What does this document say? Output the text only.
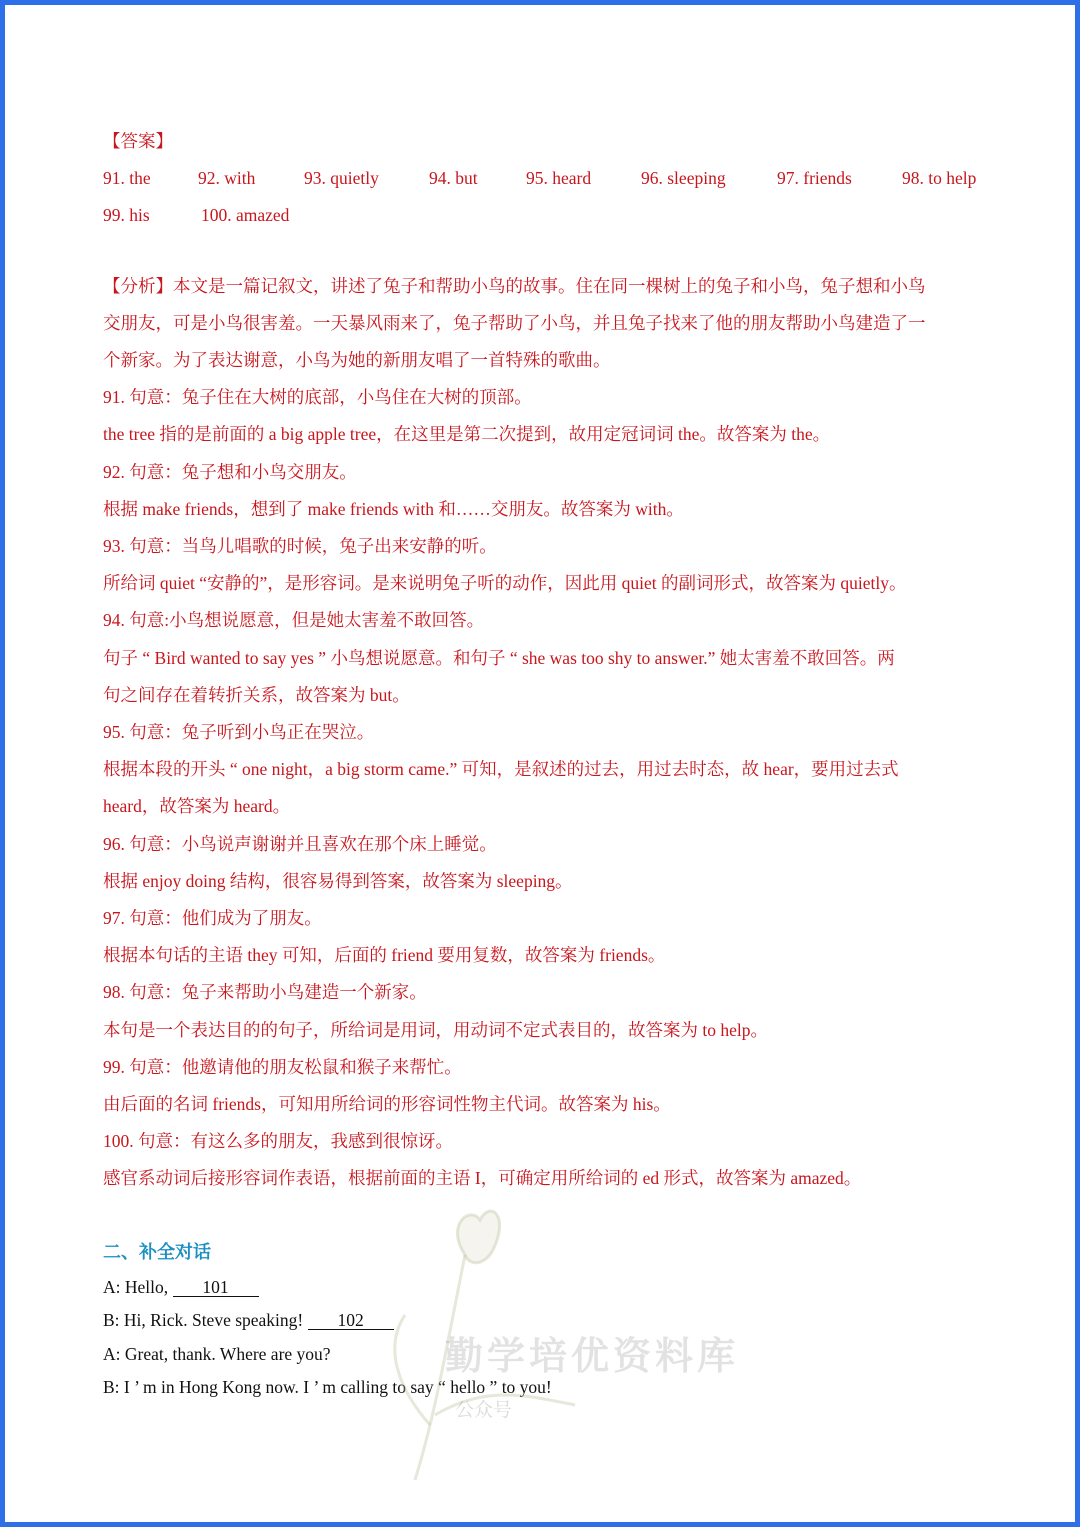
【答案】
91. the	92. with	93. quietly	94. but	95. heard	96. sleeping	97. friends	98. to help
99. his	100. amazed
【分析】本文是一篇记叙文，讲述了兔子和帮助小鸟的故事。住在同一棵树上的兔子和小鸟，兔子想和小鸟
交朋友，可是小鸟很害羞。一天暴风雨来了，兔子帮助了小鸟，并且兔子找来了他的朋友帮助小鸟建造了一
个新家。为了表达谢意，小鸟为她的新朋友唱了一首特殊的歌曲。
91. 句意：兔子住在大树的底部，小鸟住在大树的顶部。
the tree 指的是前面的 a big apple tree，在这里是第二次提到，故用定冠词词 the。故答案为 the。
92. 句意：兔子想和小鸟交朋友。
根据 make friends，想到了 make friends with 和……交朋友。故答案为 with。
93. 句意：当鸟儿唱歌的时候，兔子出来安静的听。
所给词 quiet “安静的”，是形容词。是来说明兔子听的动作，因此用 quiet 的副词形式，故答案为 quietly。
94. 句意:小鸟想说愿意，但是她太害羞不敢回答。
句子 “ Bird wanted to say yes ” 小鸟想说愿意。和句子 “ she was too shy to answer.” 她太害羞不敢回答。两
句之间存在着转折关系，故答案为 but。
95. 句意：兔子听到小鸟正在哭泣。
根据本段的开头 “ one night，a big storm came.” 可知，是叙述的过去，用过去时态，故 hear，要用过去式
heard，故答案为 heard。
96. 句意：小鸟说声谢谢并且喜欢在那个床上睡觉。
根据 enjoy doing 结构，很容易得到答案，故答案为 sleeping。
97. 句意：他们成为了朋友。
根据本句话的主语 they 可知，后面的 friend 要用复数，故答案为 friends。
98. 句意：兔子来帮助小鸟建造一个新家。
本句是一个表达目的的句子，所给词是用词，用动词不定式表目的，故答案为 to help。
99. 句意：他邀请他的朋友松鼠和猴子来帮忙。
由后面的名词 friends，可知用所给词的形容词性物主代词。故答案为 his。
100. 句意：有这么多的朋友，我感到很惊讶。
感官系动词后接形容词作表语，根据前面的主语 I，可确定用所给词的 ed 形式，故答案为 amazed。
二、补全对话
A: Hello, 101
B: Hi, Rick. Steve speaking! 102
A: Great, thank. Where are you?
B: I ’ m in Hong Kong now. I ’ m calling to say “ hello ” to you!
勤学培优资料库
公众号
